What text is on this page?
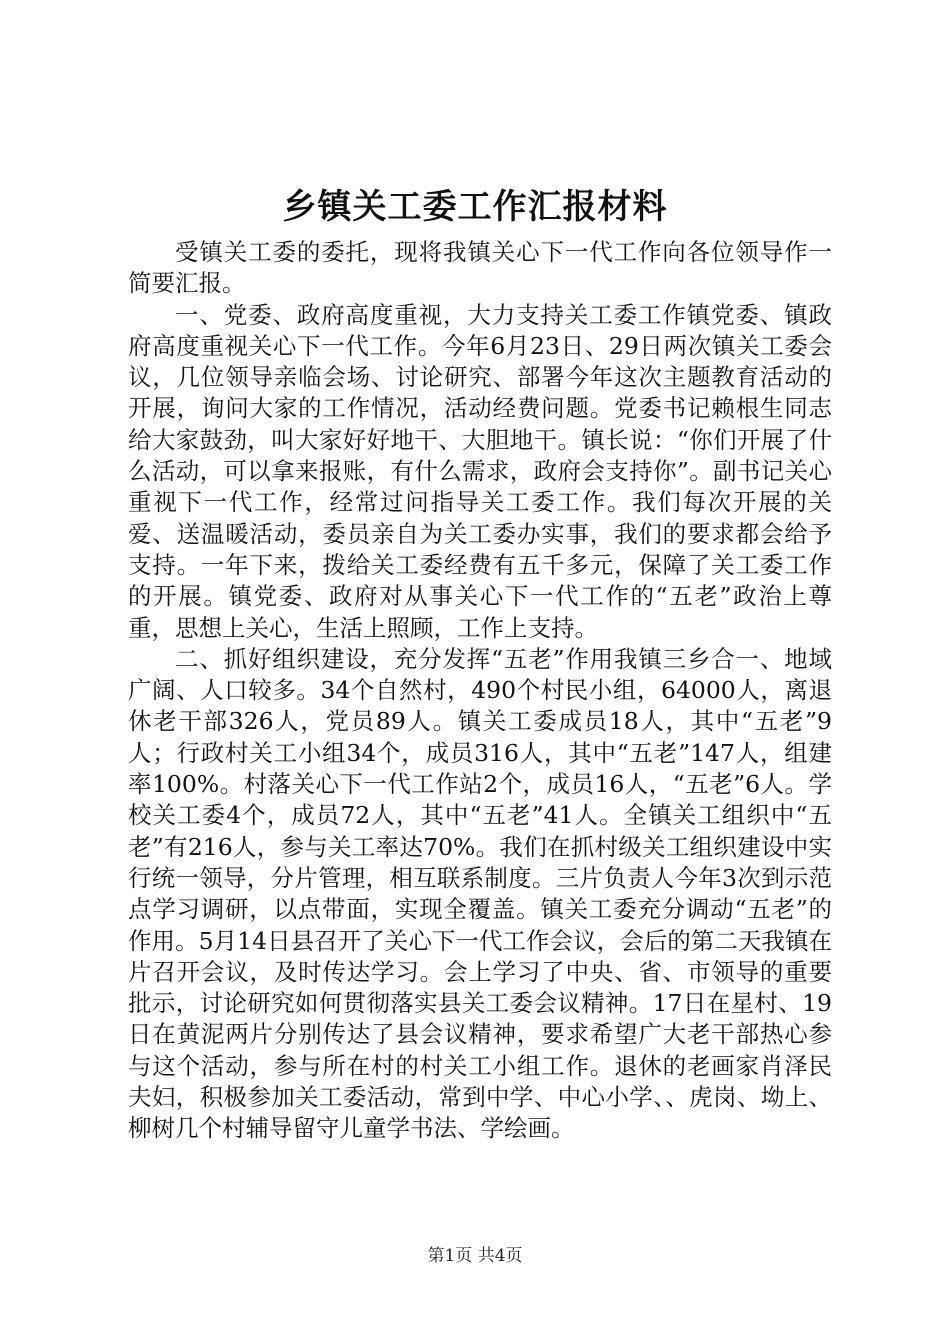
乡镇关工委工作汇报材料

受镇关工委的委托，现将我镇关心下一代工作向各位领导作一简要汇报。

一、党委、政府高度重视，大力支持关工委工作镇党委、镇政府高度重视关心下一代工作。今年6月23日、29日两次镇关工委会议，几位领导亲临会场、讨论研究、部署今年这次主题教育活动的开展，询问大家的工作情况，活动经费问题。党委书记赖根生同志给大家鼓劲，叫大家好好地干、大胆地干。镇长说：“你们开展了什么活动，可以拿来报账，有什么需求，政府会支持你”。副书记关心重视下一代工作，经常过问指导关工委工作。我们每次开展的关爱、送温暖活动，委员亲自为关工委办实事，我们的要求都会给予支持。一年下来，拨给关工委经费有五千多元，保障了关工委工作的开展。镇党委、政府对从事关心下一代工作的“五老”政治上尊重，思想上关心，生活上照顾，工作上支持。

二、抓好组织建设，充分发挥“五老”作用我镇三乡合一、地域广阔、人口较多。34个自然村，490个村民小组，64000人，离退休老干部326人，党员89人。镇关工委成员18人，其中“五老”9人；行政村关工小组34个，成员316人，其中“五老”147人，组建率100%。村落关心下一代工作站2个，成员16人，“五老”6人。学校关工委4个，成员72人，其中“五老”41人。全镇关工组织中“五老”有216人，参与关工率达70%。我们在抓村级关工组织建设中实行统一领导，分片管理，相互联系制度。三片负责人今年3次到示范点学习调研，以点带面，实现全覆盖。镇关工委充分调动“五老”的作用。5月14日县召开了关心下一代工作会议，会后的第二天我镇在片召开会议，及时传达学习。会上学习了中央、省、市领导的重要批示，讨论研究如何贯彻落实县关工委会议精神。17日在星村、19日在黄泥两片分别传达了县会议精神，要求希望广大老干部热心参与这个活动，参与所在村的村关工小组工作。退休的老画家肖泽民夫妇，积极参加关工委活动，常到中学、中心小学、、虎岗、坳上、柳树几个村辅导留守儿童学书法、学绘画。

第1页 共4页
